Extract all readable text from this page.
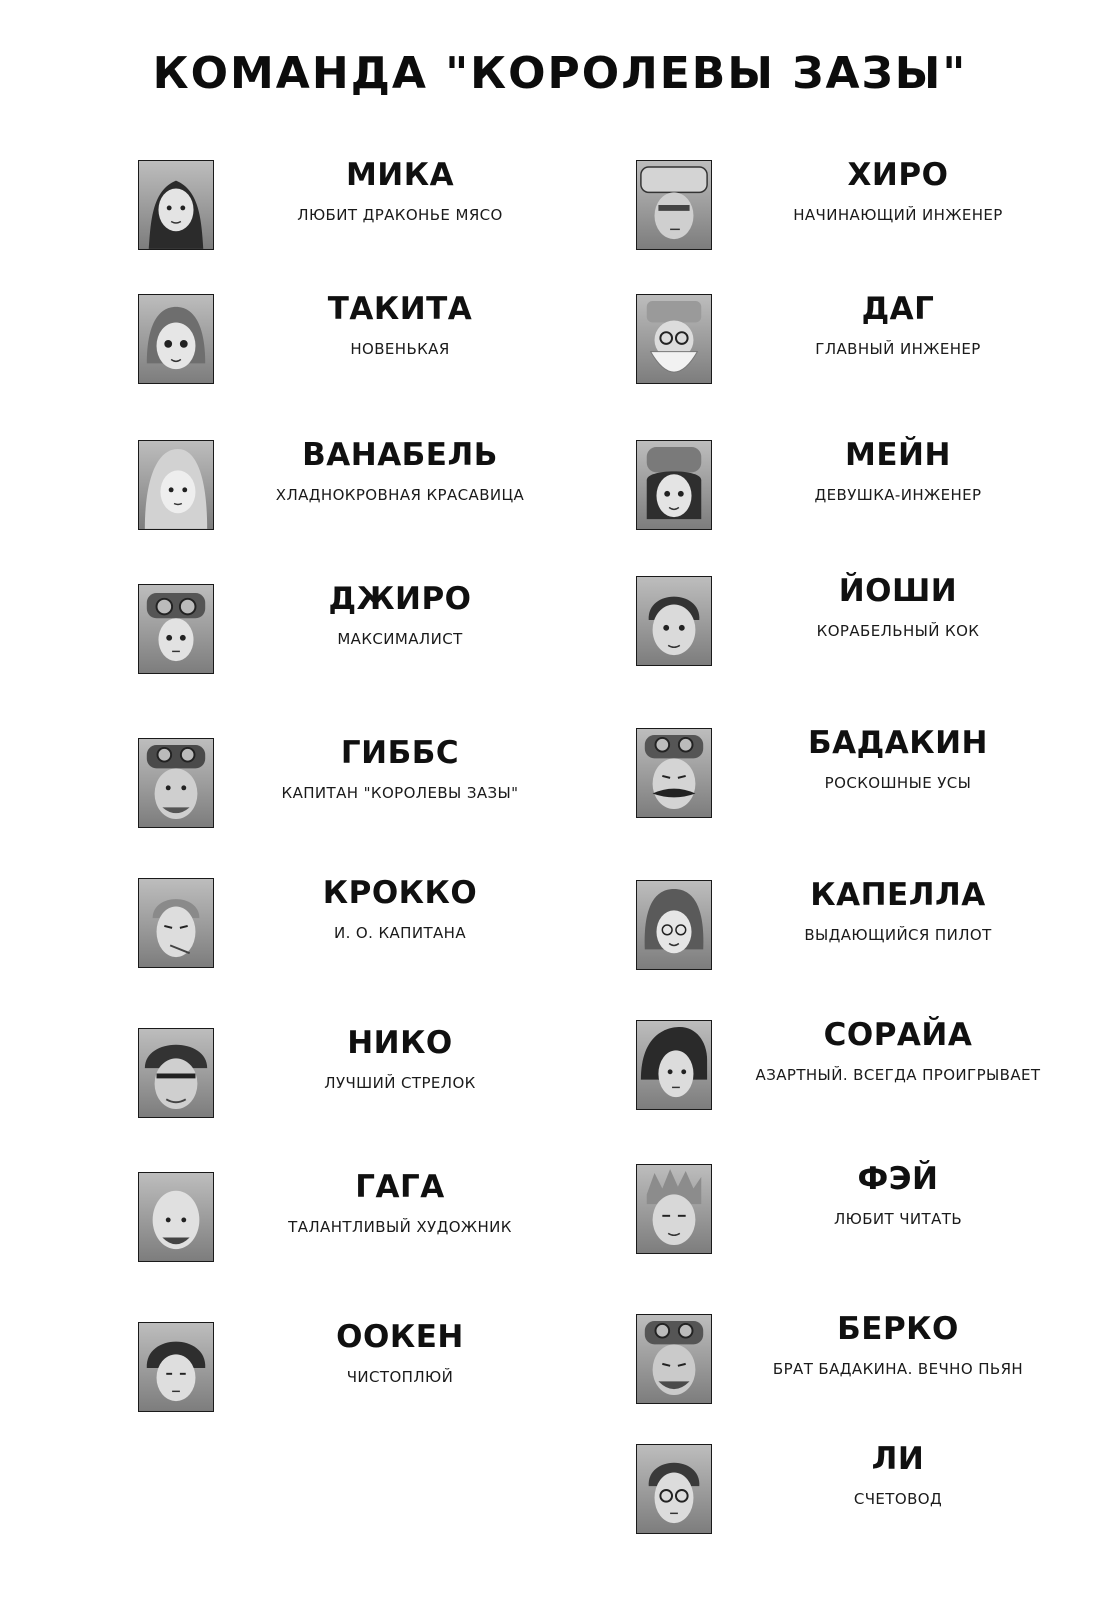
КОМАНДА "КОРОЛЕВЫ ЗАЗЫ"
МИКА
ЛЮБИТ ДРАКОНЬЕ МЯСО
ТАКИТА
НОВЕНЬКАЯ
ВАНАБЕЛЬ
ХЛАДНОКРОВНАЯ КРАСАВИЦА
ДЖИРО
МАКСИМАЛИСТ
ГИББС
КАПИТАН "КОРОЛЕВЫ ЗАЗЫ"
КРОККО
И. О. КАПИТАНА
НИКО
ЛУЧШИЙ СТРЕЛОК
ГАГА
ТАЛАНТЛИВЫЙ ХУДОЖНИК
ООКЕН
ЧИСТОПЛЮЙ
ХИРО
НАЧИНАЮЩИЙ ИНЖЕНЕР
ДАГ
ГЛАВНЫЙ ИНЖЕНЕР
МЕЙН
ДЕВУШКА-ИНЖЕНЕР
ЙОШИ
КОРАБЕЛЬНЫЙ КОК
БАДАКИН
РОСКОШНЫЕ УСЫ
КАПЕЛЛА
ВЫДАЮЩИЙСЯ ПИЛОТ
СОРАЙА
АЗАРТНЫЙ. ВСЕГДА ПРОИГРЫВАЕТ
ФЭЙ
ЛЮБИТ ЧИТАТЬ
БЕРКО
БРАТ БАДАКИНА. ВЕЧНО ПЬЯН
ЛИ
СЧЕТОВОД
